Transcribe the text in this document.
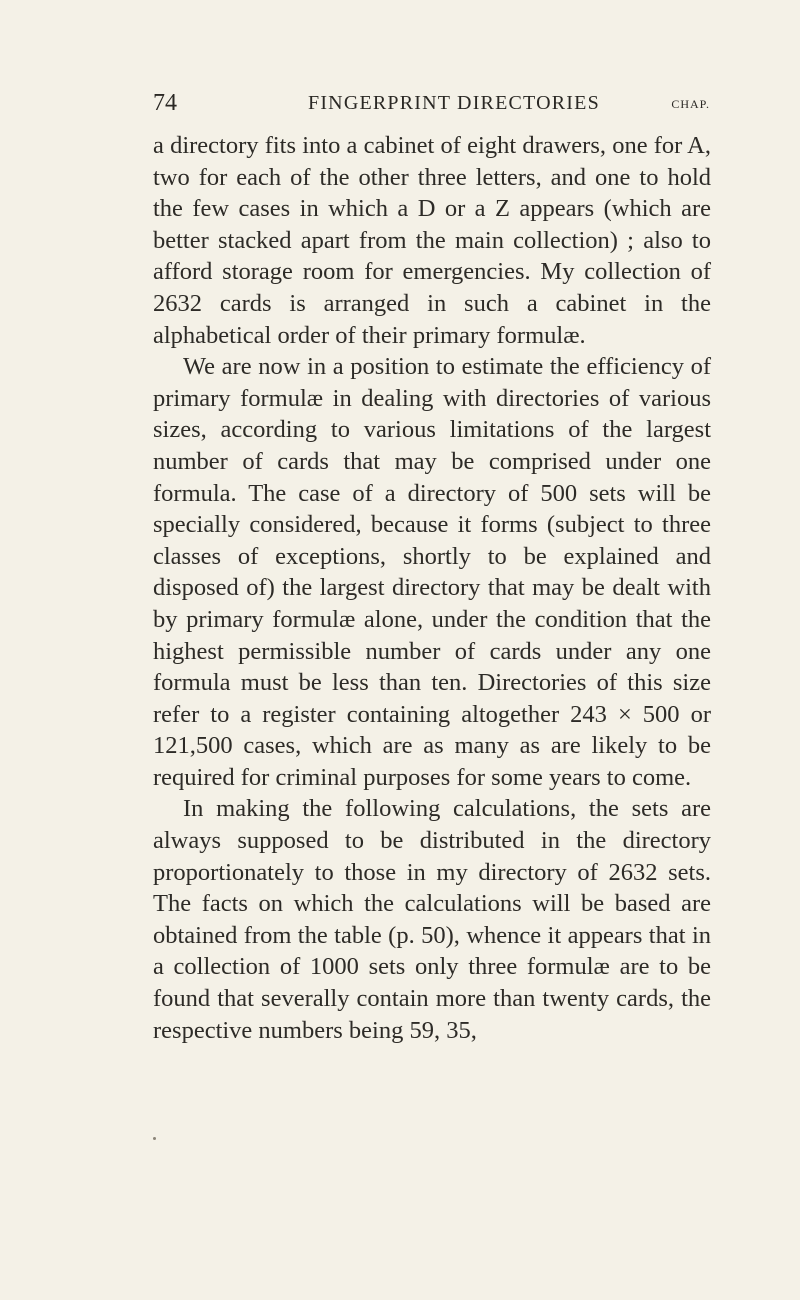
74	FINGERPRINT DIRECTORIES	CHAP.

a directory fits into a cabinet of eight drawers, one for A, two for each of the other three letters, and one to hold the few cases in which a D or a Z appears (which are better stacked apart from the main collection) ; also to afford storage room for emergencies. My collection of 2632 cards is arranged in such a cabinet in the alphabetical order of their primary formulæ.

We are now in a position to estimate the efficiency of primary formulæ in dealing with directories of various sizes, according to various limitations of the largest number of cards that may be comprised under one formula. The case of a directory of 500 sets will be specially considered, because it forms (subject to three classes of exceptions, shortly to be explained and disposed of) the largest directory that may be dealt with by primary formulæ alone, under the condition that the highest permissible number of cards under any one formula must be less than ten. Directories of this size refer to a register containing altogether 243 × 500 or 121,500 cases, which are as many as are likely to be required for criminal purposes for some years to come.

In making the following calculations, the sets are always supposed to be distributed in the directory proportionately to those in my directory of 2632 sets. The facts on which the calculations will be based are obtained from the table (p. 50), whence it appears that in a collection of 1000 sets only three formulæ are to be found that severally contain more than twenty cards, the respective numbers being 59, 35,
